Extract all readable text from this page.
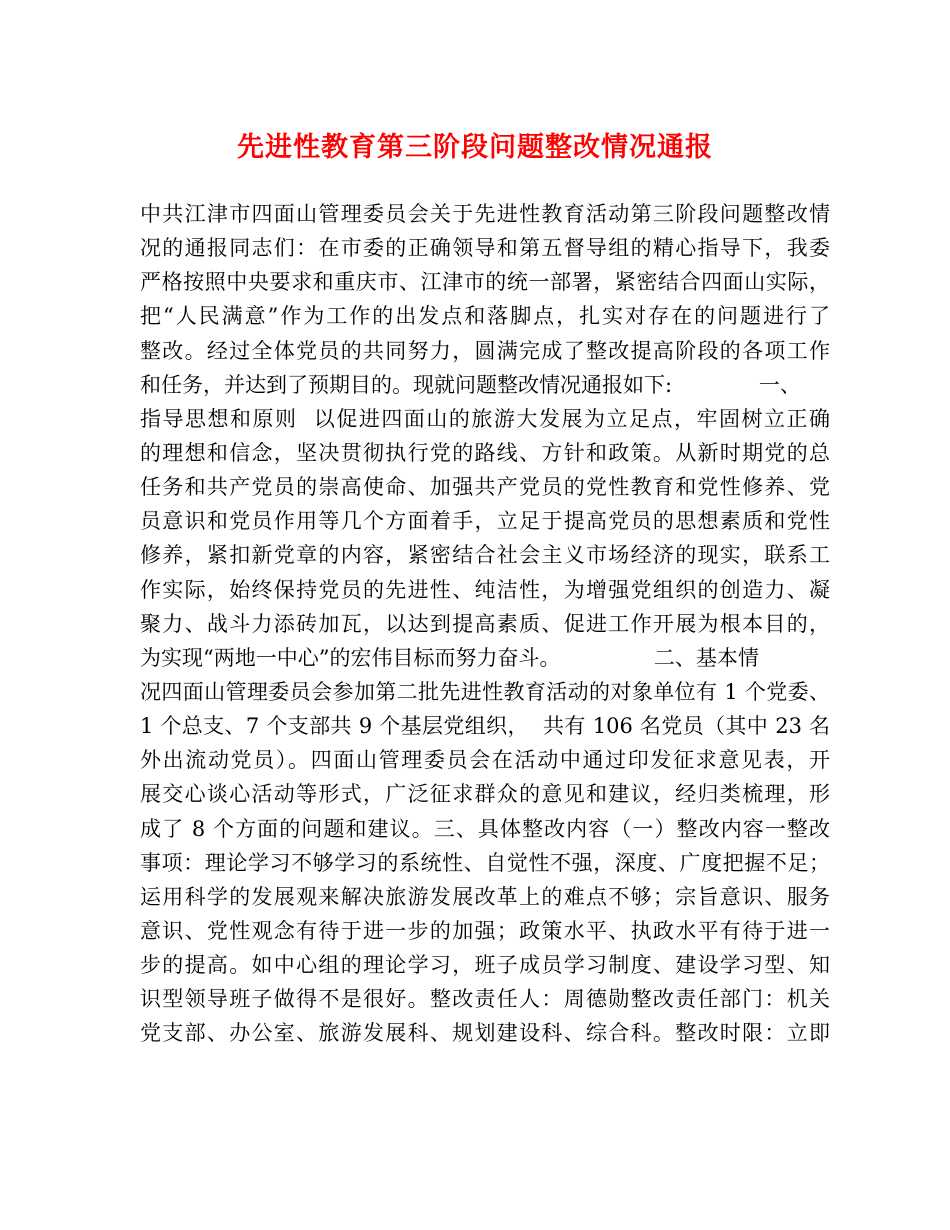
先进性教育第三阶段问题整改情况通报
中共江津市四面山管理委员会关于先进性教育活动第三阶段问题整改情
况的通报同志们：在市委的正确领导和第五督导组的精心指导下，我委
严格按照中央要求和重庆市、江津市的统一部署，紧密结合四面山实际，
把“人民满意”作为工作的出发点和落脚点，扎实对存在的问题进行了
整改。经过全体党员的共同努力，圆满完成了整改提高阶段的各项工作
和任务，并达到了预期目的。现就问题整改情况通报如下:             一、
指导思想和原则  以促进四面山的旅游大发展为立足点，牢固树立正确
的理想和信念，坚决贯彻执行党的路线、方针和政策。从新时期党的总
任务和共产党员的崇高使命、加强共产党员的党性教育和党性修养、党
员意识和党员作用等几个方面着手，立足于提高党员的思想素质和党性
修养，紧扣新党章的内容，紧密结合社会主义市场经济的现实，联系工
作实际，始终保持党员的先进性、纯洁性，为增强党组织的创造力、凝
聚力、战斗力添砖加瓦，以达到提高素质、促进工作开展为根本目的，
为实现“两地一中心”的宏伟目标而努力奋斗。              二、基本情
况四面山管理委员会参加第二批先进性教育活动的对象单位有 1 个党委、
1 个总支、7 个支部共 9 个基层党组织，  共有 106 名党员（其中 23 名
外出流动党员）。四面山管理委员会在活动中通过印发征求意见表，开
展交心谈心活动等形式，广泛征求群众的意见和建议，经归类梳理，形
成了 8 个方面的问题和建议。三、具体整改内容（一）整改内容一整改
事项：理论学习不够学习的系统性、自觉性不强，深度、广度把握不足；
运用科学的发展观来解决旅游发展改革上的难点不够；宗旨意识、服务
意识、党性观念有待于进一步的加强；政策水平、执政水平有待于进一
步的提高。如中心组的理论学习，班子成员学习制度、建设学习型、知
识型领导班子做得不是很好。整改责任人：周德勋整改责任部门：机关
党支部、办公室、旅游发展科、规划建设科、综合科。整改时限：立即
